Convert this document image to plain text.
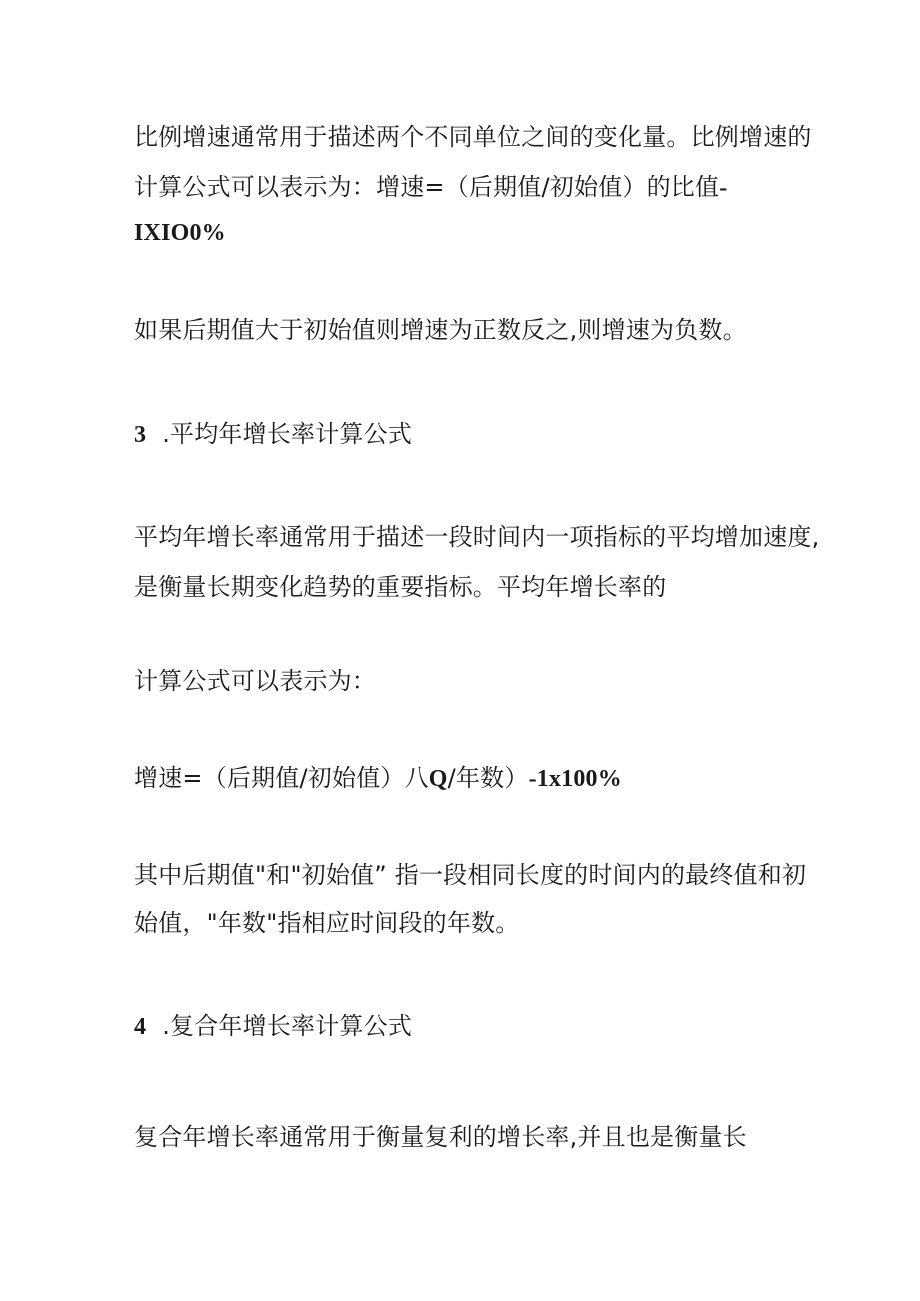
比例增速通常用于描述两个不同单位之间的变化量。比例增速的
计算公式可以表示为：增速=（后期值/初始值）的比值-
IXIO0%
如果后期值大于初始值则增速为正数反之,则增速为负数。
3 .平均年增长率计算公式
平均年增长率通常用于描述一段时间内一项指标的平均增加速度,
是衡量长期变化趋势的重要指标。平均年增长率的
计算公式可以表示为：
增速=（后期值/初始值）八Q/年数）-1x100%
其中后期值"和"初始值” 指一段相同长度的时间内的最终值和初
始值，"年数"指相应时间段的年数。
4 .复合年增长率计算公式
复合年增长率通常用于衡量复利的增长率,并且也是衡量长
